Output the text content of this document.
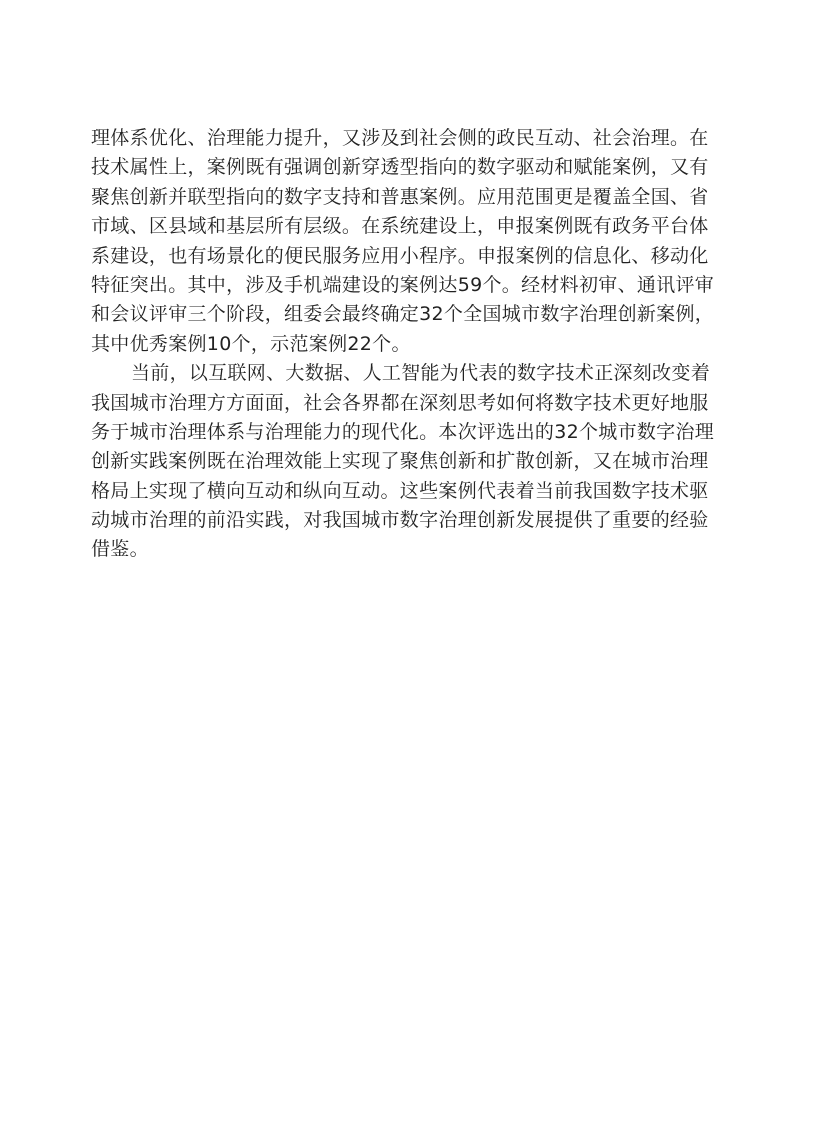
理体系优化、治理能力提升，又涉及到社会侧的政民互动、社会治理。在
技术属性上，案例既有强调创新穿透型指向的数字驱动和赋能案例，又有
聚焦创新并联型指向的数字支持和普惠案例。应用范围更是覆盖全国、省
市域、区县域和基层所有层级。在系统建设上，申报案例既有政务平台体
系建设，也有场景化的便民服务应用小程序。申报案例的信息化、移动化
特征突出。其中，涉及手机端建设的案例达59个。经材料初审、通讯评审
和会议评审三个阶段，组委会最终确定32个全国城市数字治理创新案例，
其中优秀案例10个，示范案例22个。
当前，以互联网、大数据、人工智能为代表的数字技术正深刻改变着
我国城市治理方方面面，社会各界都在深刻思考如何将数字技术更好地服
务于城市治理体系与治理能力的现代化。本次评选出的32个城市数字治理
创新实践案例既在治理效能上实现了聚焦创新和扩散创新，又在城市治理
格局上实现了横向互动和纵向互动。这些案例代表着当前我国数字技术驱
动城市治理的前沿实践，对我国城市数字治理创新发展提供了重要的经验
借鉴。
